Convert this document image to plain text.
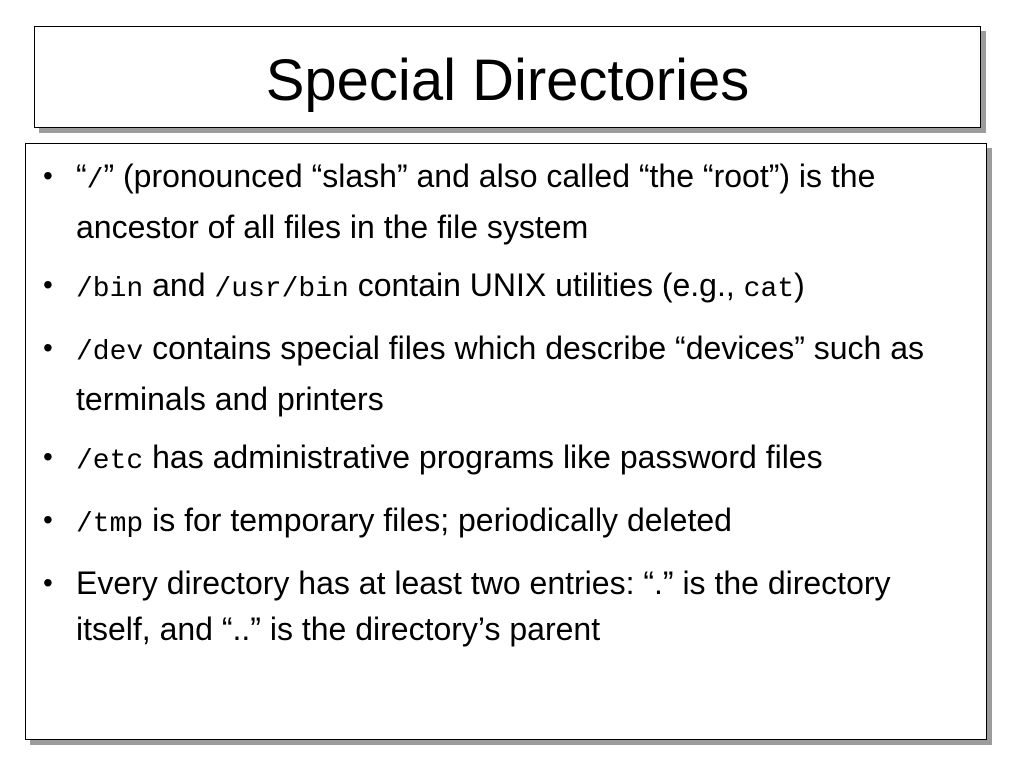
Special Directories
• “/” (pronounced “slash” and also called “the “root”) is the ancestor of all files in the file system
• /bin and /usr/bin contain UNIX utilities (e.g., cat)
• /dev contains special files which describe “devices” such as terminals and printers
• /etc has administrative programs like password files
• /tmp is for temporary files; periodically deleted
• Every directory has at least two entries: “.” is the directory itself, and “..” is the directory’s parent
